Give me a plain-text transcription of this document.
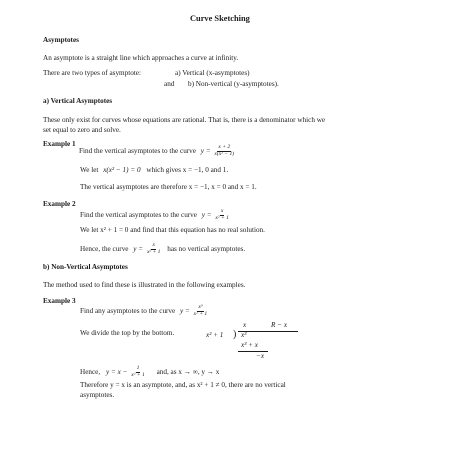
Curve Sketching
Asymptotes
An asymptote is a straight line which approaches a curve at infinity.
There are two types of asymptote:	a) Vertical (x-asymptotes)
and b) Non-vertical (y-asymptotes).
a) Vertical Asymptotes
These only exist for curves whose equations are rational. That is, there is a denominator which we
set equal to zero and solve.
Example 1
Find the vertical asymptotes to the curve $y = \frac{x + 2}{\text{x(x² − 1)}}$
We let x(x² − 1) = 0 which gives x = −1, 0 and 1.
The vertical asymptotes are therefore x = −1, x = 0 and x = 1.
Example 2
Find the vertical asymptotes to the curve $y = \frac{x}{\text{x² + 1}}$
We let x² + 1 = 0 and find that this equation has no real solution.
Hence, the curve $y = \frac{x}{\text{x² + 1}}$ has no vertical asymptotes.
b) Non-Vertical Asymptotes
The method used to find these is illustrated in the following examples.
Example 3
Find any asymptotes to the curve $y = \frac{\text{x³}}{\text{x² + 1}}$
We divide the top by the bottom.
x	R − x
x² + 1 ) x³
x³ + x
−x
Hence, $y = x - \frac{1}{\text{x² + 1}}$ and, as x → ∞, y → x
Therefore y = x is an asymptote, and, as x² + 1 ≠ 0, there are no vertical
asymptotes.
